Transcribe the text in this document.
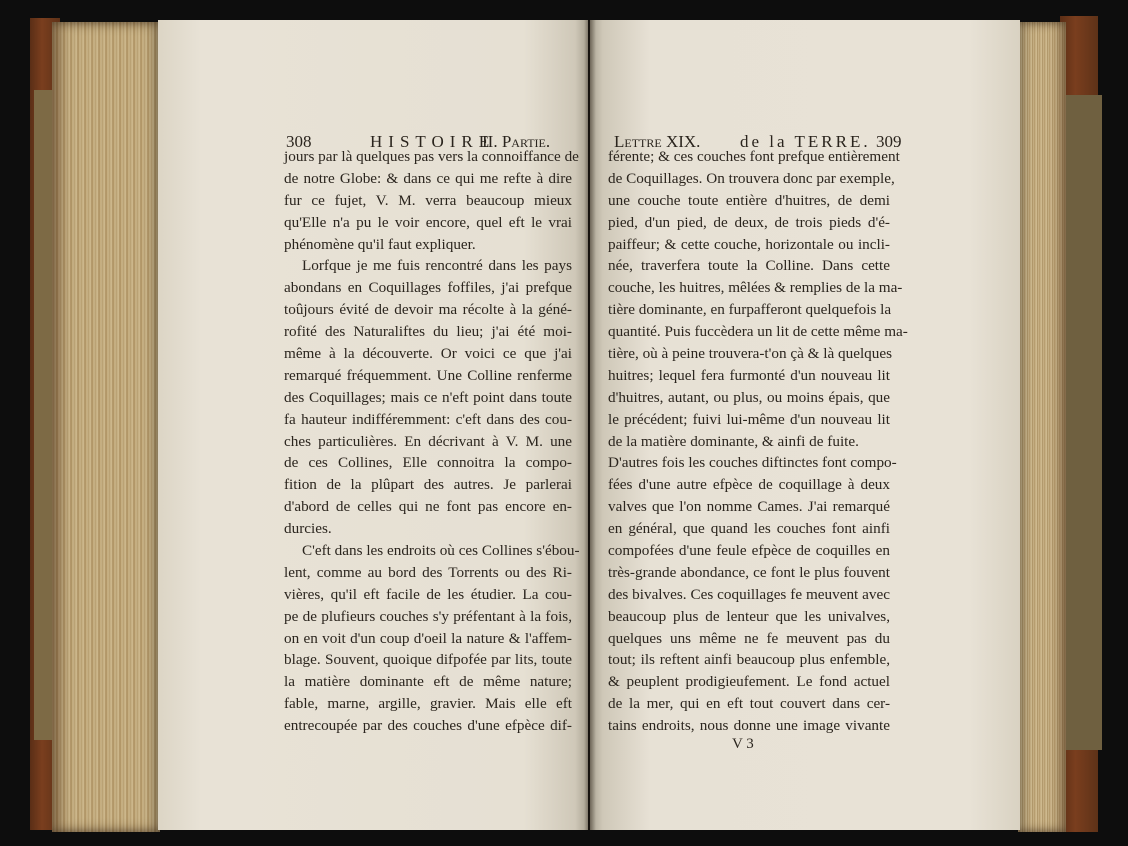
308	HISTOIRE
II. Partie.
jours par là quelques pas vers la connoiffance de
de notre Globe: & dans ce qui me refte à dire
fur ce fujet, V. M. verra beaucoup mieux
qu'Elle n'a pu le voir encore, quel eft le vrai
phénomène qu'il faut expliquer.
Lorfque je me fuis rencontré dans les pays
abondans en Coquillages foffiles, j'ai prefque
toûjours évité de devoir ma récolte à la géné-
rofité des Naturaliftes du lieu; j'ai été moi-
même à la découverte. Or voici ce que j'ai
remarqué fréquemment. Une Colline renferme
des Coquillages; mais ce n'eft point dans toute
fa hauteur indifféremment: c'eft dans des cou-
ches particulières. En décrivant à V. M. une
de ces Collines, Elle connoitra la compo-
fition de la plûpart des autres. Je parlerai
d'abord de celles qui ne font pas encore en-
durcies.
C'eft dans les endroits où ces Collines s'ébou-
lent, comme au bord des Torrents ou des Ri-
vières, qu'il eft facile de les étudier. La cou-
pe de plufieurs couches s'y préfentant à la fois,
on en voit d'un coup d'oeil la nature & l'affem-
blage. Souvent, quoique difpofée par lits, toute
la matière dominante eft de même nature;
fable, marne, argille, gravier. Mais elle eft
entrecoupée par des couches d'une efpèce dif-
Lettre XIX. de la TERRE. 309
férente; & ces couches font prefque entièrement
de Coquillages. On trouvera donc par exemple,
une couche toute entière d'huitres, de demi
pied, d'un pied, de deux, de trois pieds d'é-
paiffeur; & cette couche, horizontale ou incli-
née, traverfera toute la Colline. Dans cette
couche, les huitres, mêlées & remplies de la ma-
tière dominante, en furpafferont quelquefois la
quantité. Puis fuccèdera un lit de cette même ma-
tière, où à peine trouvera-t'on çà & là quelques
huitres; lequel fera furmonté d'un nouveau lit
d'huitres, autant, ou plus, ou moins épais, que
le précédent; fuivi lui-même d'un nouveau lit
de la matière dominante, & ainfi de fuite.
D'autres fois les couches diftinctes font compo-
fées d'une autre efpèce de coquillage à deux
valves que l'on nomme Cames. J'ai remarqué
en général, que quand les couches font ainfi
compofées d'une feule efpèce de coquilles en
très-grande abondance, ce font le plus fouvent
des bivalves. Ces coquillages fe meuvent avec
beaucoup plus de lenteur que les univalves,
quelques uns même ne fe meuvent pas du
tout; ils reftent ainfi beaucoup plus enfemble,
& peuplent prodigieufement. Le fond actuel
de la mer, qui en eft tout couvert dans cer-
tains endroits, nous donne une image vivante
V 3
